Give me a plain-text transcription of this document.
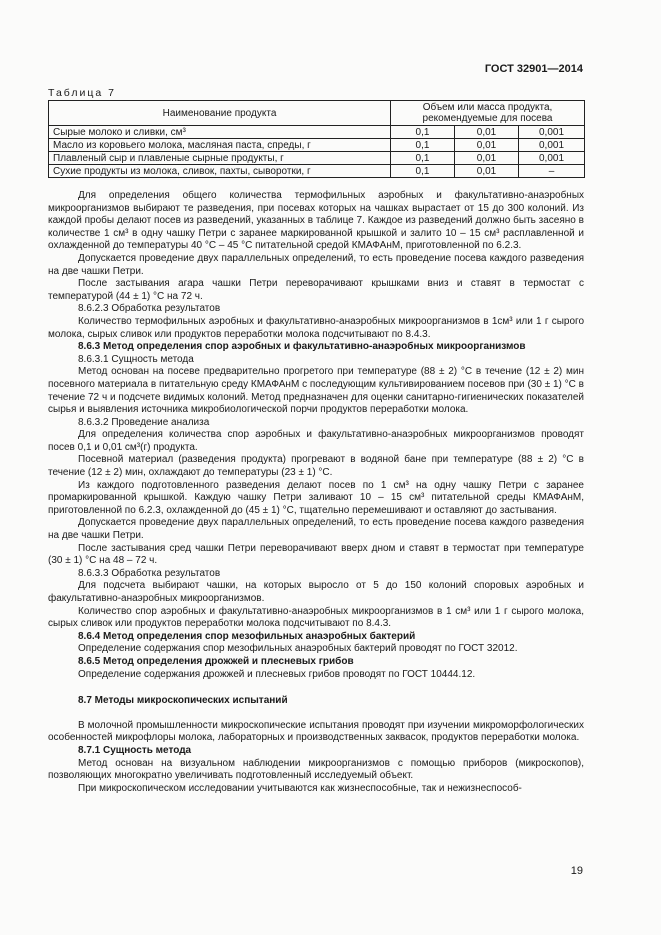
ГОСТ 32901—2014
Таблица 7
Наименование продукта	Объем или масса продукта, рекомендуемые для посева		
Сырые молоко и сливки, см³	0,1	0,01	0,001
Масло из коровьего молока, масляная паста, спреды, г	0,1	0,01	0,001
Плавленый сыр и плавленые сырные продукты, г	0,1	0,01	0,001
Сухие продукты из молока, сливок, пахты, сыворотки, г	0,1	0,01	–

Для определения общего количества термофильных аэробных и факультативно-анаэробных микроорганизмов выбирают те разведения, при посевах которых на чашках вырастает от 15 до 300 колоний. Из каждой пробы делают посев из разведений, указанных в таблице 7. Каждое из разведений должно быть засеяно в количестве 1 см³ в одну чашку Петри с заранее маркированной крышкой и залито 10 – 15 см³ расплавленной и охлажденной до температуры 40 °С – 45 °С питательной средой КМАФАнМ, приготовленной по 6.2.3.

Допускается проведение двух параллельных определений, то есть проведение посева каждого разведения на две чашки Петри.

После застывания агара чашки Петри переворачивают крышками вниз и ставят в термостат с температурой (44 ± 1) °С на 72 ч.

8.6.2.3 Обработка результатов

Количество термофильных аэробных и факультативно-анаэробных микроорганизмов в 1см³ или 1 г сырого молока, сырых сливок или продуктов переработки молока подсчитывают по 8.4.3.

8.6.3 Метод определения спор аэробных и факультативно-анаэробных микроорганизмов

8.6.3.1 Сущность метода

Метод основан на посеве предварительно прогретого при температуре (88 ± 2) °С в течение (12 ± 2) мин посевного материала в питательную среду КМАФАнМ с последующим культивированием посевов при (30 ± 1) °С в течение 72 ч и подсчете видимых колоний. Метод предназначен для оценки санитарно-гигиенических показателей сырья и выявления источника микробиологической порчи продуктов переработки молока.

8.6.3.2 Проведение анализа

Для определения количества спор аэробных и факультативно-анаэробных микроорганизмов проводят посев 0,1 и 0,01 см³(г) продукта.

Посевной материал (разведения продукта) прогревают в водяной бане при температуре (88 ± 2) °С в течение (12 ± 2) мин, охлаждают до температуры (23 ± 1) °С.

Из каждого подготовленного разведения делают посев по 1 см³ на одну чашку Петри с заранее промаркированной крышкой. Каждую чашку Петри заливают 10 – 15 см³ питательной среды КМАФАнМ, приготовленной по 6.2.3, охлажденной до (45 ± 1) °С, тщательно перемешивают и оставляют до застывания.

Допускается проведение двух параллельных определений, то есть проведение посева каждого разведения на две чашки Петри.

После застывания сред чашки Петри переворачивают вверх дном и ставят в термостат при температуре (30 ± 1) °С на 48 – 72 ч.

8.6.3.3 Обработка результатов

Для подсчета выбирают чашки, на которых выросло от 5 до 150 колоний споровых аэробных и факультативно-анаэробных микроорганизмов.

Количество спор аэробных и факультативно-анаэробных микроорганизмов в 1 см³ или 1 г сырого молока, сырых сливок или продуктов переработки молока подсчитывают по 8.4.3.

8.6.4 Метод определения спор мезофильных анаэробных бактерий

Определение содержания спор мезофильных анаэробных бактерий проводят по ГОСТ 32012.

8.6.5 Метод определения дрожжей и плесневых грибов

Определение содержания дрожжей и плесневых грибов проводят по ГОСТ 10444.12.

8.7 Методы микроскопических испытаний

В молочной промышленности микроскопические испытания проводят при изучении микроморфологических особенностей микрофлоры молока, лабораторных и производственных заквасок, продуктов переработки молока.

8.7.1 Сущность метода

Метод основан на визуальном наблюдении микроорганизмов с помощью приборов (микроскопов), позволяющих многократно увеличивать подготовленный исследуемый объект.

При микроскопическом исследовании учитываются как жизнеспособные, так и нежизнеспособ-

19
